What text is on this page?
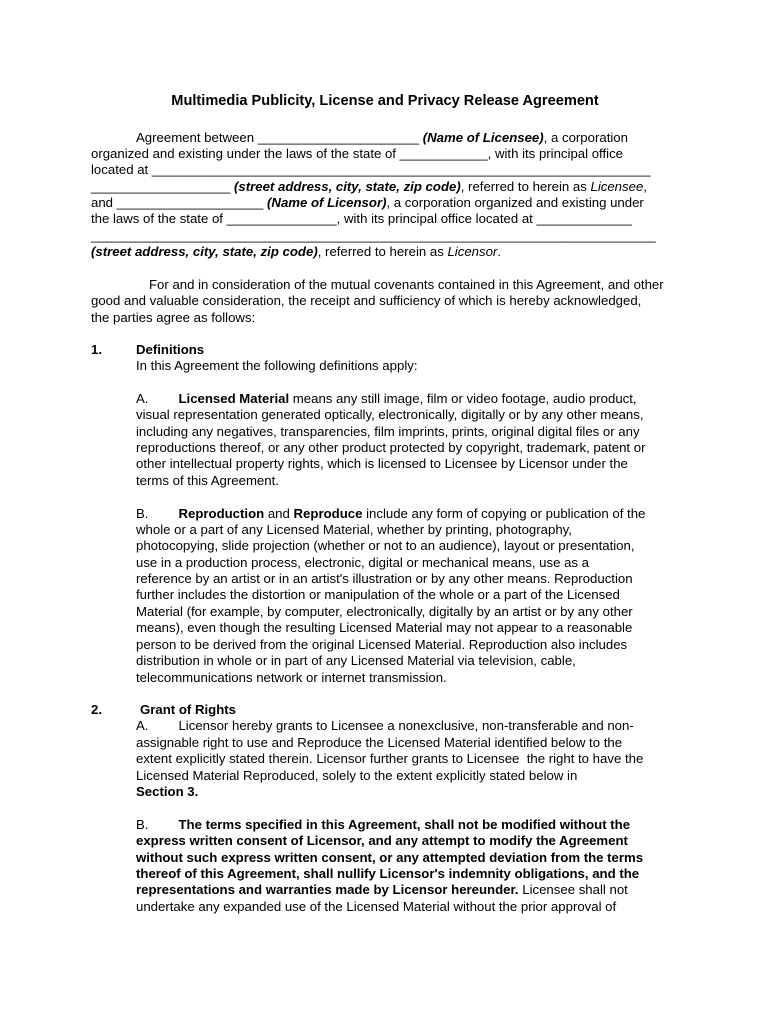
Multimedia Publicity, License and Privacy Release Agreement
Agreement between ______________________ (Name of Licensee), a corporation
organized and existing under the laws of the state of ____________, with its principal office
located at ____________________________________________________________________
___________________ (street address, city, state, zip code), referred to herein as Licensee,
and ____________________ (Name of Licensor), a corporation organized and existing under
the laws of the state of _______________, with its principal office located at _____________
_____________________________________________________________________________
(street address, city, state, zip code), referred to herein as Licensor.
For and in consideration of the mutual covenants contained in this Agreement, and other
good and valuable consideration, the receipt and sufficiency of which is hereby acknowledged,
the parties agree as follows:
1.	Definitions
In this Agreement the following definitions apply:
A. Licensed Material means any still image, film or video footage, audio product,
visual representation generated optically, electronically, digitally or by any other means,
including any negatives, transparencies, film imprints, prints, original digital files or any
reproductions thereof, or any other product protected by copyright, trademark, patent or
other intellectual property rights, which is licensed to Licensee by Licensor under the
terms of this Agreement.
B. Reproduction and Reproduce include any form of copying or publication of the
whole or a part of any Licensed Material, whether by printing, photography,
photocopying, slide projection (whether or not to an audience), layout or presentation,
use in a production process, electronic, digital or mechanical means, use as a
reference by an artist or in an artist's illustration or by any other means. Reproduction
further includes the distortion or manipulation of the whole or a part of the Licensed
Material (for example, by computer, electronically, digitally by an artist or by any other
means), even though the resulting Licensed Material may not appear to a reasonable
person to be derived from the original Licensed Material. Reproduction also includes
distribution in whole or in part of any Licensed Material via television, cable,
telecommunications network or internet transmission.
2.	Grant of Rights
A. Licensor hereby grants to Licensee a nonexclusive, non-transferable and non-
assignable right to use and Reproduce the Licensed Material identified below to the
extent explicitly stated therein. Licensor further grants to Licensee  the right to have the
Licensed Material Reproduced, solely to the extent explicitly stated below in
Section 3.
B. The terms specified in this Agreement, shall not be modified without the
express written consent of Licensor, and any attempt to modify the Agreement
without such express written consent, or any attempted deviation from the terms
thereof of this Agreement, shall nullify Licensor's indemnity obligations, and the
representations and warranties made by Licensor hereunder. Licensee shall not
undertake any expanded use of the Licensed Material without the prior approval of
